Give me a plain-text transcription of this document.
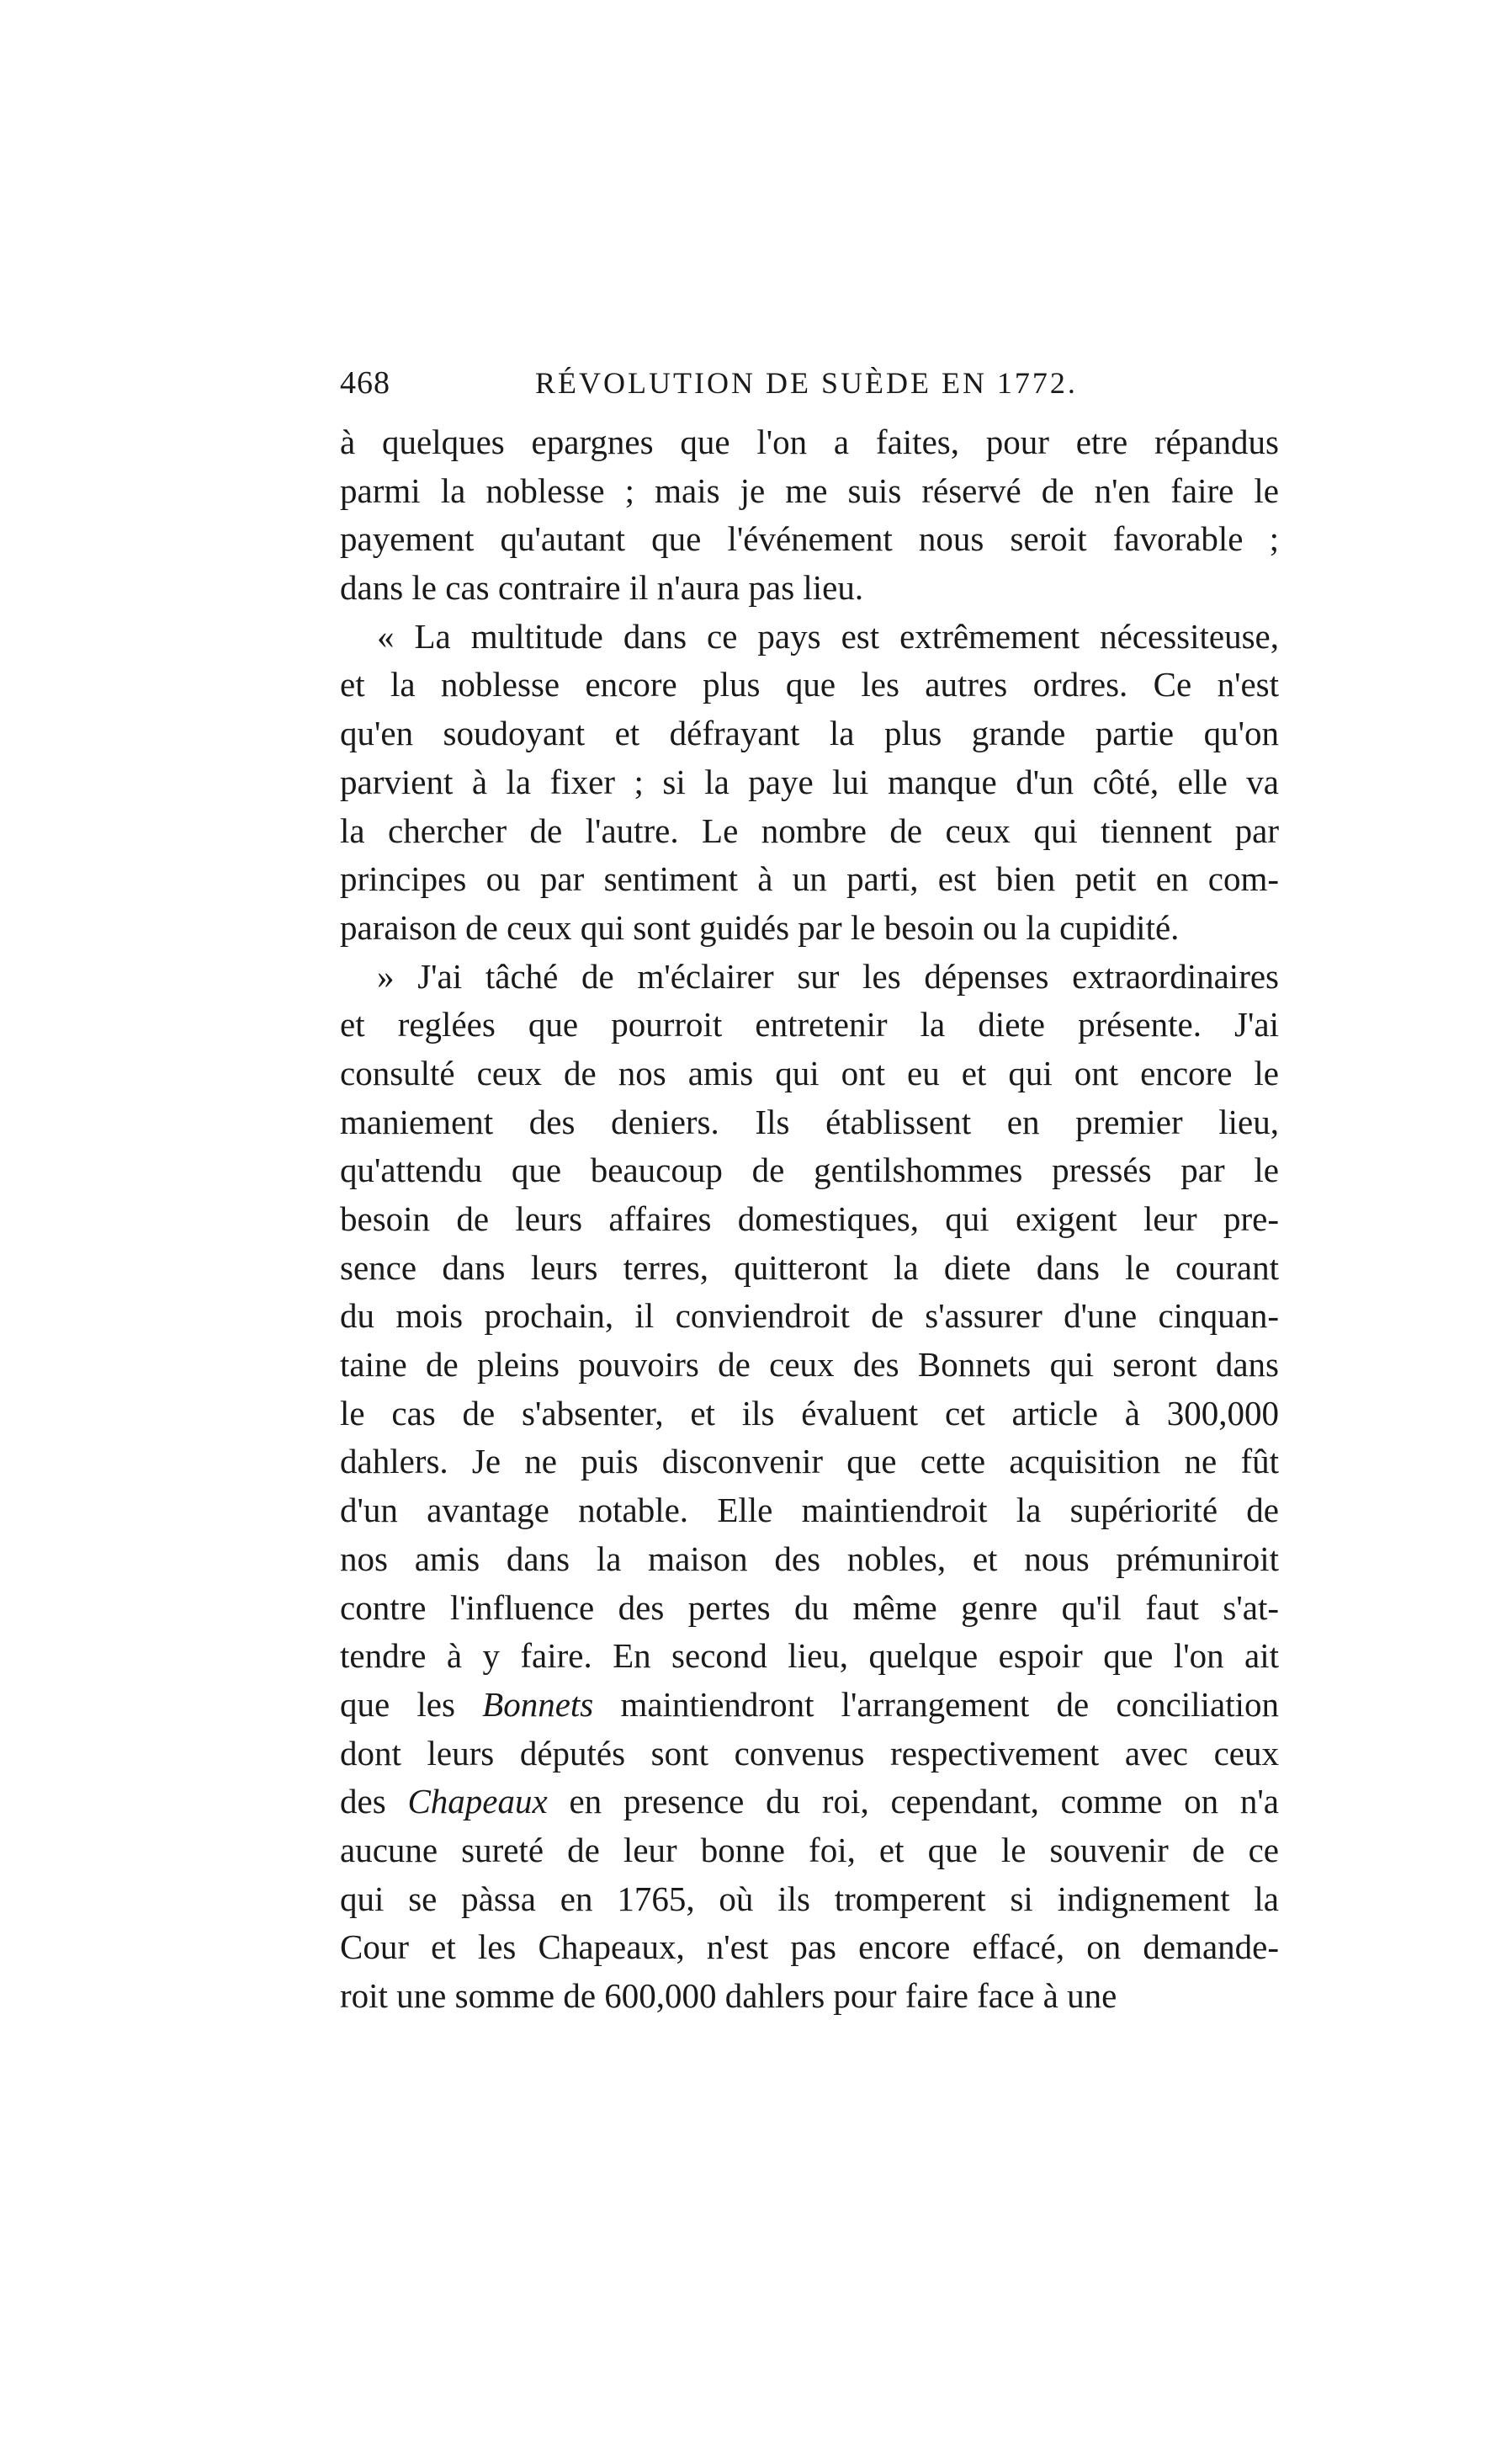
468	RÉVOLUTION DE SUÈDE EN 1772.
à quelques epargnes que l'on a faites, pour etre répandus
parmi la noblesse ; mais je me suis réservé de n'en faire le
payement qu'autant que l'événement nous seroit favorable ;
dans le cas contraire il n'aura pas lieu.
« La multitude dans ce pays est extrêmement nécessiteuse,
et la noblesse encore plus que les autres ordres. Ce n'est
qu'en soudoyant et défrayant la plus grande partie qu'on
parvient à la fixer ; si la paye lui manque d'un côté, elle va
la chercher de l'autre. Le nombre de ceux qui tiennent par
principes ou par sentiment à un parti, est bien petit en com-
paraison de ceux qui sont guidés par le besoin ou la cupidité.
» J'ai tâché de m'éclairer sur les dépenses extraordinaires
et reglées que pourroit entretenir la diete présente. J'ai
consulté ceux de nos amis qui ont eu et qui ont encore le
maniement des deniers. Ils établissent en premier lieu,
qu'attendu que beaucoup de gentilshommes pressés par le
besoin de leurs affaires domestiques, qui exigent leur pre-
sence dans leurs terres, quitteront la diete dans le courant
du mois prochain, il conviendroit de s'assurer d'une cinquan-
taine de pleins pouvoirs de ceux des Bonnets qui seront dans
le cas de s'absenter, et ils évaluent cet article à 300,000
dahlers. Je ne puis disconvenir que cette acquisition ne fût
d'un avantage notable. Elle maintiendroit la supériorité de
nos amis dans la maison des nobles, et nous prémuniroit
contre l'influence des pertes du même genre qu'il faut s'at-
tendre à y faire. En second lieu, quelque espoir que l'on ait
que les Bonnets maintiendront l'arrangement de conciliation
dont leurs députés sont convenus respectivement avec ceux
des Chapeaux en presence du roi, cependant, comme on n'a
aucune sureté de leur bonne foi, et que le souvenir de ce
qui se pàssa en 1765, où ils tromperent si indignement la
Cour et les Chapeaux, n'est pas encore effacé, on demande-
roit une somme de 600,000 dahlers pour faire face à une
